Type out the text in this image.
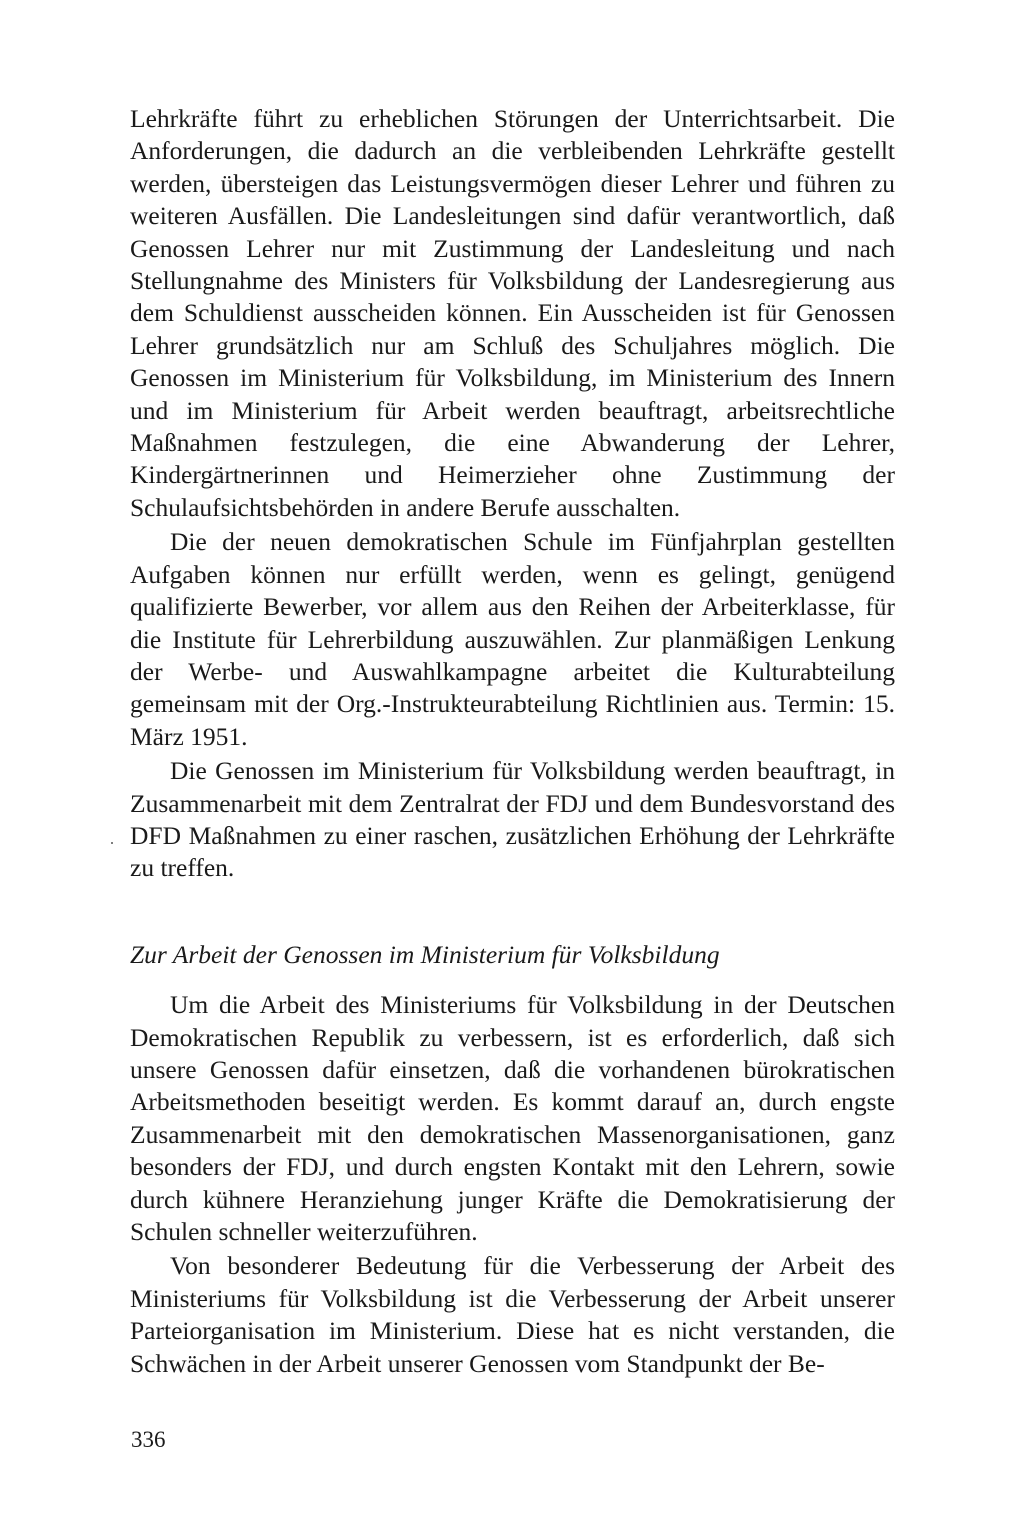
Lehrkräfte führt zu erheblichen Störungen der Unterrichtsarbeit. Die Anforderungen, die dadurch an die verbleibenden Lehrkräfte gestellt werden, übersteigen das Leistungsvermögen dieser Lehrer und führen zu weiteren Ausfällen. Die Landesleitungen sind dafür verantwortlich, daß Genossen Lehrer nur mit Zustimmung der Landesleitung und nach Stellungnahme des Ministers für Volksbildung der Landesregierung aus dem Schuldienst ausscheiden können. Ein Ausscheiden ist für Genossen Lehrer grundsätzlich nur am Schluß des Schuljahres möglich. Die Genossen im Ministerium für Volksbildung, im Ministerium des Innern und im Ministerium für Arbeit werden beauftragt, arbeitsrechtliche Maßnahmen festzulegen, die eine Abwanderung der Lehrer, Kindergärtnerinnen und Heimerzieher ohne Zustimmung der Schulaufsichtsbehörden in andere Berufe ausschalten.

Die der neuen demokratischen Schule im Fünfjahrplan gestellten Aufgaben können nur erfüllt werden, wenn es gelingt, genügend qualifizierte Bewerber, vor allem aus den Reihen der Arbeiterklasse, für die Institute für Lehrerbildung auszuwählen. Zur planmäßigen Lenkung der Werbe- und Auswahlkampagne arbeitet die Kulturabteilung gemeinsam mit der Org.-Instrukteurabteilung Richtlinien aus. Termin: 15. März 1951.

Die Genossen im Ministerium für Volksbildung werden beauftragt, in Zusammenarbeit mit dem Zentralrat der FDJ und dem Bundesvorstand des DFD Maßnahmen zu einer raschen, zusätzlichen Erhöhung der Lehrkräfte zu treffen.

Zur Arbeit der Genossen im Ministerium für Volksbildung

Um die Arbeit des Ministeriums für Volksbildung in der Deutschen Demokratischen Republik zu verbessern, ist es erforderlich, daß sich unsere Genossen dafür einsetzen, daß die vorhandenen bürokratischen Arbeitsmethoden beseitigt werden. Es kommt darauf an, durch engste Zusammenarbeit mit den demokratischen Massenorganisationen, ganz besonders der FDJ, und durch engsten Kontakt mit den Lehrern, sowie durch kühnere Heranziehung junger Kräfte die Demokratisierung der Schulen schneller weiterzuführen.

Von besonderer Bedeutung für die Verbesserung der Arbeit des Ministeriums für Volksbildung ist die Verbesserung der Arbeit unserer Parteiorganisation im Ministerium. Diese hat es nicht verstanden, die Schwächen in der Arbeit unserer Genossen vom Standpunkt der Be-

336
